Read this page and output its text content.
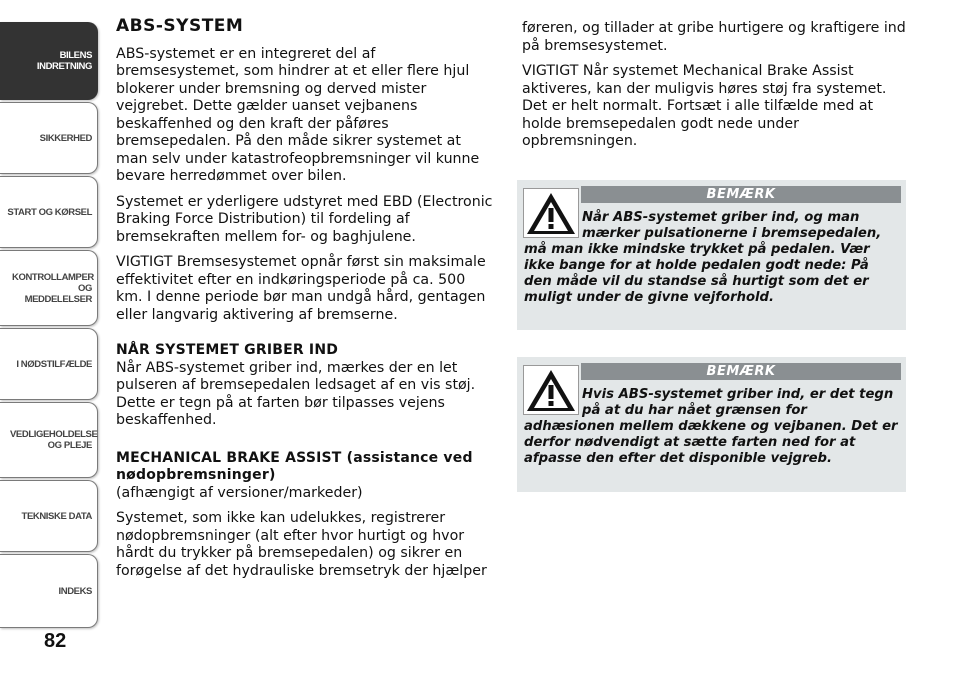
BILENS INDRETNING
SIKKERHED
START OG KØRSEL
KONTROLLAMPER OG MEDDELELSER
I NØDSTILFÆLDE
VEDLIGEHOLDELSE OG PLEJE
TEKNISKE DATA
INDEKS
82
ABS-SYSTEM

ABS-systemet er en integreret del af bremsesystemet, som hindrer at et eller flere hjul blokerer under bremsning og derved mister vejgrebet. Dette gælder uanset vejbanens beskaffenhed og den kraft der påføres bremsepedalen. På den måde sikrer systemet at man selv under katastrofeopbremsninger vil kunne bevare herredømmet over bilen.

Systemet er yderligere udstyret med EBD (Electronic Braking Force Distribution) til fordeling af bremsekraften mellem for- og baghjulene.

VIGTIGT Bremsesystemet opnår først sin maksimale effektivitet efter en indkøringsperiode på ca. 500 km. I denne periode bør man undgå hård, gentagen eller langvarig aktivering af bremserne.

NÅR SYSTEMET GRIBER IND

Når ABS-systemet griber ind, mærkes der en let pulseren af bremsepedalen ledsaget af en vis støj. Dette er tegn på at farten bør tilpasses vejens beskaffenhed.

MECHANICAL BRAKE ASSIST (assistance ved nødopbremsninger)
(afhængigt af versioner/markeder)

Systemet, som ikke kan udelukkes, registrerer nødopbremsninger (alt efter hvor hurtigt og hvor hårdt du trykker på bremsepedalen) og sikrer en forøgelse af det hydrauliske bremsetryk der hjælper

føreren, og tillader at gribe hurtigere og kraftigere ind på bremsesystemet.

VIGTIGT Når systemet Mechanical Brake Assist aktiveres, kan der muligvis høres støj fra systemet. Det er helt normalt. Fortsæt i alle tilfælde med at holde bremsepedalen godt nede under opbremsningen.

BEMÆRK
Når ABS-systemet griber ind, og man mærker pulsationerne i bremsepedalen,
må man ikke mindske trykket på pedalen. Vær ikke bange for at holde pedalen godt nede: På den måde vil du standse så hurtigt som det er muligt under de givne vejforhold.
BEMÆRK
Hvis ABS-systemet griber ind, er det tegn på at du har nået grænsen for
adhæsionen mellem dækkene og vejbanen. Det er derfor nødvendigt at sætte farten ned for at afpasse den efter det disponible vejgreb.
